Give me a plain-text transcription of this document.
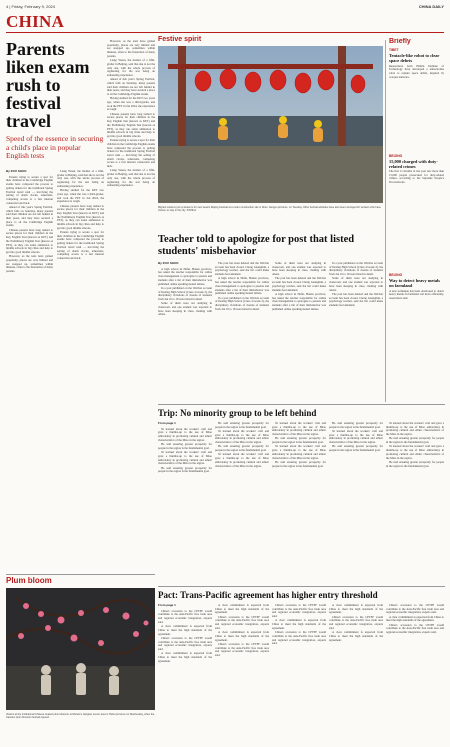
4 | Friday, February 9, 2024	CHINA DAILY
CHINA
Parents liken exam rush to festival travel
Speed of the essence in securing a child's place in popular English tests
By ZOU SHUO

Parents trying to secure a spot for their children in the Cambridge English exams have compared the process to getting tickets for the traditional Spring Festival travel rush — involving the setting of alarm clocks, rehearsals, competing access to a fast internet connection and luck.

Ahead of this year's Spring Festival, which falls on Saturday, many parents said their children are not left behind in their peers, and they have secured a place to sit the Cambridge English exams.

Chinese parents have long rushed to secure places for their children in the Key English Test (known as KET) and the Preliminary English Test (known as PET), as they can assist admission to middle schools in big cities and help to get into good middle schools.

However, as the tests have gained popularity, places are very limited and are snapped up, sometimes within minutes, often to the frustration of many parents.

Liang Yanan, the mother of a fifth-grader in Beijing, said that she is not the only one, with the whole process of registering for the test being an exhausting experience.

Having studied for the KET two years ago, when she was a third-grader, and took the PET in Jan 2024, the experience is tough.

Chinese parents have long rushed to secure places for their children in the Key English Test (known as KET) and the Preliminary English Test (known as PET), as they can assist admission to middle schools in big cities and help to get into good middle schools.

Parents trying to secure a spot for their children in the Cambridge English exams have compared the process to getting tickets for the traditional Spring Festival travel rush — involving the setting of alarm clocks, rehearsals, competing access to a fast internet connection and luck.

However, as the tests have gained popularity, places are very limited and are snapped up, sometimes within minutes, often to the frustration of many parents.

Liang Yanan, the mother of a fifth-grader in Beijing, said that she is not the only one, with the whole process of registering for the test being an exhausting experience.

Ahead of this year's Spring Festival, which falls on Saturday, many parents said their children are not left behind in their peers, and they have secured a place to sit the Cambridge English exams.

Having studied for the KET two years ago, when she was a third-grader, and took the PET in Jan 2024, the experience is tough.

Chinese parents have long rushed to secure places for their children in the Key English Test (known as KET) and the Preliminary English Test (known as PET), as they can assist admission to middle schools in big cities and help to get into good middle schools.

Parents trying to secure a spot for their children in the Cambridge English exams have compared the process to getting tickets for the traditional Spring Festival travel rush — involving the setting of alarm clocks, rehearsals, competing access to a fast internet connection and luck.

Liang Yanan, the mother of a fifth-grader in Beijing, said that she is not the only one, with the whole process of registering for the test being an exhausting experience.

Festive spirit
Migrant workers put up lanterns for next week's Beijing Festival at a metro construction site in Wuxi, Jiangsu province, on Tuesday. Other festival activities have also been arranged for workers who have chosen to stay in the city. XINHUA
Teacher told to apologize for post that listed students' misbehavior
By ZOU SHUO

A high school in Hefei, Hunan province, has asked the teacher responsible for online class management to apologize to parents and students after a list of their misbehavior was published online sparking heated debate.

In a post published on the WeChat account of Dexing High School (Class 4 Grade 2), the disciplinary violations of dozens of students from Jan 16 to 18 were listed in detail.

Some of them were not studying in classroom, and one student was reported to have been sleeping in class, chatting with others.

The post has been deleted and the WeChat account has been closed. Cheng Guangmin, a psychology teacher, said the list could make students feel ashamed.

A high school in Hefei, Hunan province, has asked the teacher responsible for online class management to apologize to parents and students after a list of their misbehavior was published online sparking heated debate.

In a post published on the WeChat account of Dexing High School (Class 4 Grade 2), the disciplinary violations of dozens of students from Jan 16 to 18 were listed in detail.

Some of them were not studying in classroom, and one student was reported to have been sleeping in class, chatting with others.

The post has been deleted and the WeChat account has been closed. Cheng Guangmin, a psychology teacher, said the list could make students feel ashamed.

A high school in Hefei, Hunan province, has asked the teacher responsible for online class management to apologize to parents and students after a list of their misbehavior was published online sparking heated debate.

In a post published on the WeChat account of Dexing High School (Class 4 Grade 2), the disciplinary violations of dozens of students from Jan 16 to 18 were listed in detail.

Some of them were not studying in classroom, and one student was reported to have been sleeping in class, chatting with others.

The post has been deleted and the WeChat account has been closed. Cheng Guangmin, a psychology teacher, said the list could make students feel ashamed.

Trip: No minority group to be left behind
From page 1

Xi learned about the workers' craft and gave a thumbs-up to the use of Miao embroidery in promoting cultural and ethnic characteristics of the Miao in the region.

He said ensuring greater prosperity for people in the region is the fundamental goal.

Xi learned about the workers' craft and gave a thumbs-up to the use of Miao embroidery in promoting cultural and ethnic characteristics of the Miao in the region.

He said ensuring greater prosperity for people in the region is the fundamental goal.

He said ensuring greater prosperity for people in the region is the fundamental goal.

Xi learned about the workers' craft and gave a thumbs-up to the use of Miao embroidery in promoting cultural and ethnic characteristics of the Miao in the region.

He said ensuring greater prosperity for people in the region is the fundamental goal.

Xi learned about the workers' craft and gave a thumbs-up to the use of Miao embroidery in promoting cultural and ethnic characteristics of the Miao in the region.

Xi learned about the workers' craft and gave a thumbs-up to the use of Miao embroidery in promoting cultural and ethnic characteristics of the Miao in the region.

He said ensuring greater prosperity for people in the region is the fundamental goal.

Xi learned about the workers' craft and gave a thumbs-up to the use of Miao embroidery in promoting cultural and ethnic characteristics of the Miao in the region.

He said ensuring greater prosperity for people in the region is the fundamental goal.

He said ensuring greater prosperity for people in the region is the fundamental goal.

Xi learned about the workers' craft and gave a thumbs-up to the use of Miao embroidery in promoting cultural and ethnic characteristics of the Miao in the region.

He said ensuring greater prosperity for people in the region is the fundamental goal.

Xi learned about the workers' craft and gave a thumbs-up to the use of Miao embroidery in promoting cultural and ethnic characteristics of the Miao in the region.

He said ensuring greater prosperity for people in the region is the fundamental goal.

Xi learned about the workers' craft and gave a thumbs-up to the use of Miao embroidery in promoting cultural and ethnic characteristics of the Miao in the region.

He said ensuring greater prosperity for people in the region is the fundamental goal.

Pact: Trans-Pacific agreement has higher entry threshold
From page 1

China's accession to the CPTPP would contribute to the Asia-Pacific free trade area and regional economic integration, experts said.

A clear commitment is expected from China to meet the high standards of the agreement.

China's accession to the CPTPP would contribute to the Asia-Pacific free trade area and regional economic integration, experts said.

A clear commitment is expected from China to meet the high standards of the agreement.

A clear commitment is expected from China to meet the high standards of the agreement.

China's accession to the CPTPP would contribute to the Asia-Pacific free trade area and regional economic integration, experts said.

A clear commitment is expected from China to meet the high standards of the agreement.

China's accession to the CPTPP would contribute to the Asia-Pacific free trade area and regional economic integration, experts said.

China's accession to the CPTPP would contribute to the Asia-Pacific free trade area and regional economic integration, experts said.

A clear commitment is expected from China to meet the high standards of the agreement.

China's accession to the CPTPP would contribute to the Asia-Pacific free trade area and regional economic integration, experts said.

A clear commitment is expected from China to meet the high standards of the agreement.

China's accession to the CPTPP would contribute to the Asia-Pacific free trade area and regional economic integration, experts said.

A clear commitment is expected from China to meet the high standards of the agreement.

China's accession to the CPTPP would contribute to the Asia-Pacific free trade area and regional economic integration, experts said.

A clear commitment is expected from China to meet the high standards of the agreement.

China's accession to the CPTPP would contribute to the Asia-Pacific free trade area and regional economic integration, experts said.

Plum bloom
Visitors at the Institutional Chinese treated plum blossom at Wuhan's Jiangtan scenic area in Hubei province on Wednesday, when the Canoiun plum blossom festival opened.
Briefly
TIBET
Tentacle-like robot to clear space debris
Researchers from Harbin Institute of Technology have developed a tentacle-like robot to capture space debris, inspired by octopus tentacles.
BEIJING
15,000 charged with duty-related crimes
The first 11 months of last year saw more than 15,000 people prosecuted for duty-related crimes, according to the Supreme People's Procuratorate.
BEIJING
Way to detect heavy metals on farmland
A new technique has been developed to detect heavy metals in farmland soil more efficiently, researchers said.
